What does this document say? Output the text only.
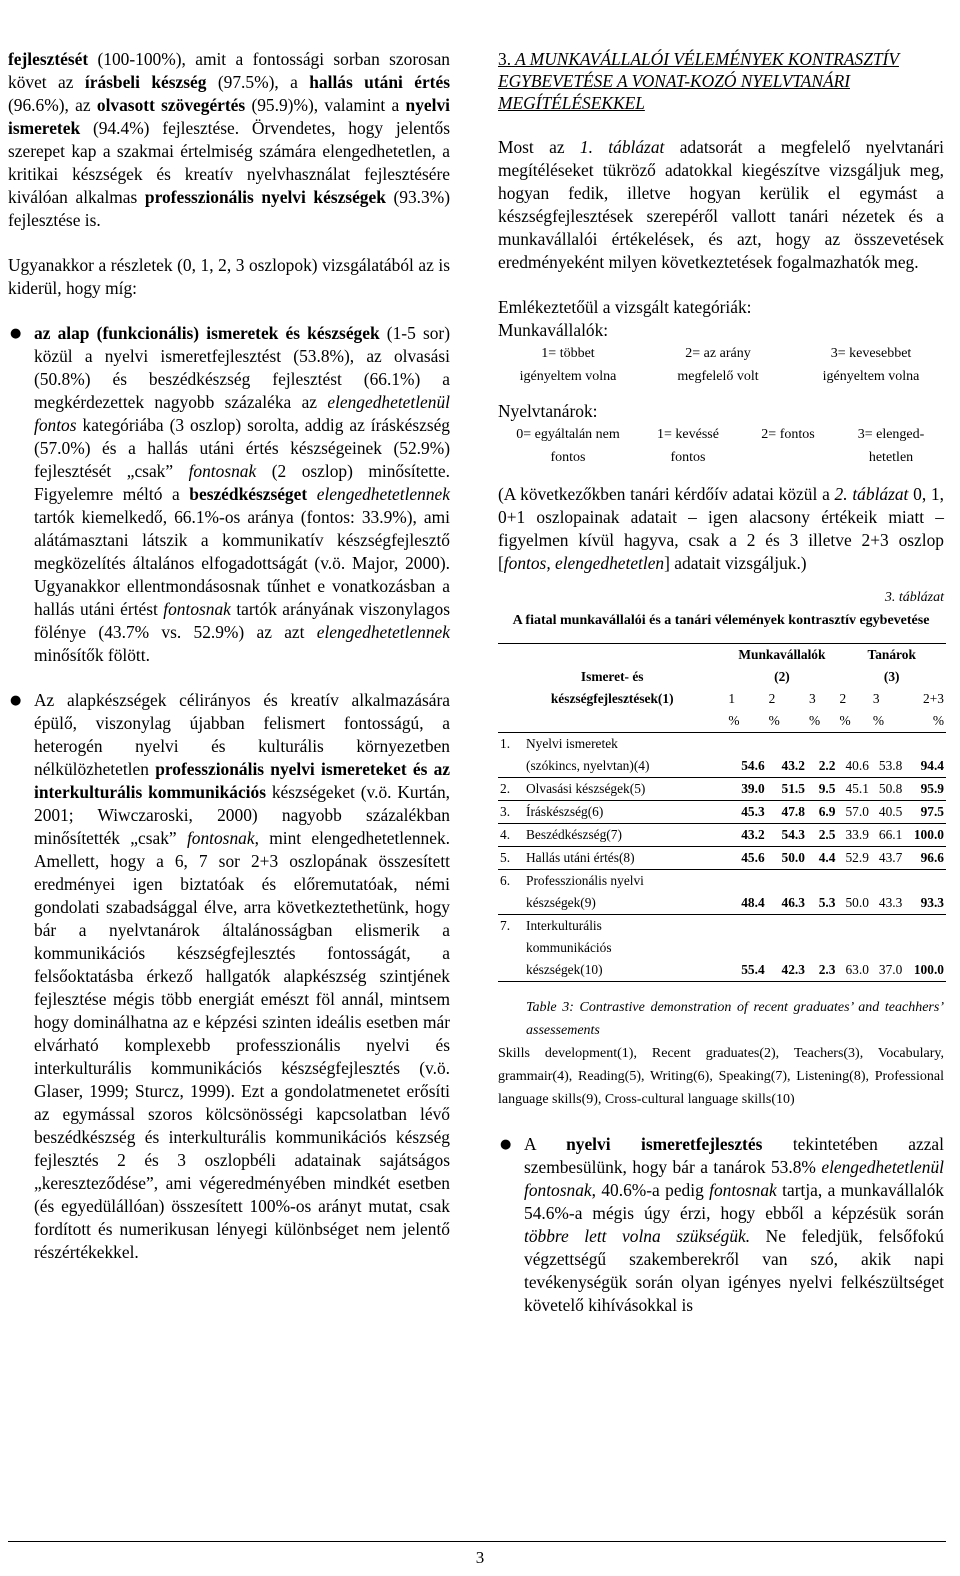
fejlesztését (100-100%), amit a fontossági sorban szorosan követ az írásbeli készség (97.5%), a hallás utáni értés (96.6%), az olvasott szövegértés (95.9)%), valamint a nyelvi ismeretek (94.4%) fejlesztése. Örvendetes, hogy jelentős szerepet kap a szakmai értelmiség számára elengedhetetlen, a kritikai készségek és kreatív nyelvhasználat fejlesztésére kiválóan alkalmas professzionális nyelvi készségek (93.3%) fejlesztése is.

Ugyanakkor a részletek (0, 1, 2, 3 oszlopok) vizsgálatából az is kiderül, hogy míg:

● az alap (funkcionális) ismeretek és készségek (1-5 sor) közül a nyelvi ismeretfejlesztést (53.8%), az olvasási (50.8%) és beszédkészség fejlesztést (66.1%) a megkérdezettek nagyobb százaléka az elengedhetetlenül fontos kategóriába (3 oszlop) sorolta, addig az íráskészség (57.0%) és a hallás utáni értés készségeinek (52.9%) fejlesztését „csak” fontosnak (2 oszlop) minősítette. Figyelemre méltó a beszédkészséget elengedhetetlennek tartók kiemelkedő, 66.1%-os aránya (fontos: 33.9%), ami alátámasztani látszik a kommunikatív készségfejlesztő megközelítés általános elfogadottságát (v.ö. Major, 2000). Ugyanakkor ellentmondásosnak tűnhet e vonatkozásban a hallás utáni értést fontosnak tartók arányának viszonylagos fölénye (43.7% vs. 52.9%) az azt elengedhetetlennek minősítők fölött.
● Az alapkészségek célirányos és kreatív alkalmazására épülő, viszonylag újabban felismert fontosságú, a heterogén nyelvi és kulturális környezetben nélkülözhetetlen professzionális nyelvi ismereteket és az interkulturális kommunikációs készségeket (v.ö. Kurtán, 2001; Wiwczaroski, 2000) nagyobb százalékban minősítették „csak” fontosnak, mint elengedhetetlennek. Amellett, hogy a 6, 7 sor 2+3 oszlopának összesített eredményei igen biztatóak és előremutatóak, némi gondolati szabadsággal élve, arra következtethetünk, hogy bár a nyelvtanárok általánosságban elismerik a kommunikációs készségfejlesztés fontosságát, a felsőoktatásba érkező hallgatók alapkészség szintjének fejlesztése mégis több energiát emészt föl annál, mintsem hogy dominálhatna az e képzési szinten ideális esetben már elvárható komplexebb professzionális nyelvi és interkulturális kommunikációs készségfejlesztés (v.ö. Glaser, 1999; Sturcz, 1999). Ezt a gondolatmenetet erősíti az egymással szoros kölcsönösségi kapcsolatban lévő beszédkészség és interkulturális kommunikációs készség fejlesztés 2 és 3 oszlopbéli adatainak sajátságos „kereszteződése”, ami végeredményében mindkét esetben (és egyedülállóan) összesített 100%-os arányt mutat, csak fordított és numerikusan lényegi különbséget nem jelentő részértékekkel.

3. A MUNKAVÁLLALÓI VÉLEMÉNYEK KONTRASZTÍV EGYBEVETÉSE A VONAT-KOZÓ NYELVTANÁRI MEGÍTÉLÉSEKKEL

Most az 1. táblázat adatsorát a megfelelő nyelvtanári megítéléseket tükröző adatokkal kiegészítve vizsgáljuk meg, hogyan fedik, illetve hogyan kerülik el egymást a készségfejlesztések szerepéről vallott tanári nézetek és a munkavállalói értékelések, és azt, hogy az összevetések eredményeként milyen következtetések fogalmazhatók meg.

Emlékeztetőül a vizsgált kategóriák:
Munkavállalók:
1= többet
igényeltem volna
2= az arány
megfelelő volt
3= kevesebbet
igényeltem volna
Nyelvtanárok:
0= egyáltalán nem
fontos
1= kevéssé
fontos
2= fontos	3= elenged-
hetetlen

(A következőkben tanári kérdőív adatai közül a 2. táblázat 0, 1, 0+1 oszlopainak adatait – igen alacsony értékeik miatt – figyelmen kívül hagyva, csak a 2 és 3 illetve 2+3 oszlop [fontos, elengedhetetlen] adatait vizsgáljuk.)

3. táblázat
A fiatal munkavállalói és a tanári vélemények kontrasztív egybevetése
Ismeret- és		Munkavállalók			Tanárok		
		(2)			(3)		
készségfejlesztések(1)		1	2	3	2	3	2+3
		%	%	%	%	%	%
1.	Nyelvi ismeretek
(szókincs, nyelvtan)(4)	54.6	43.2	2.2	40.6	53.8	94.4
2.	Olvasási készségek(5)	39.0	51.5	9.5	45.1	50.8	95.9
3.	Íráskészség(6)	45.3	47.8	6.9	57.0	40.5	97.5
4.	Beszédkészség(7)	43.2	54.3	2.5	33.9	66.1	100.0
5.	Hallás utáni értés(8)	45.6	50.0	4.4	52.9	43.7	96.6
6.	Professzionális nyelvi
készségek(9)	48.4	46.3	5.3	50.0	43.3	93.3
7.	Interkulturális
kommunikációs
készségek(10)	55.4	42.3	2.3	63.0	37.0	100.0
Table 3: Contrastive demonstration of recent graduates’ and teachhers’ assessements
Skills development(1), Recent graduates(2), Teachers(3), Vocabulary, grammair(4), Reading(5), Writing(6), Speaking(7), Listening(8), Professional language skills(9), Cross-cultural language skills(10)
● A nyelvi ismeretfejlesztés tekintetében azzal szembesülünk, hogy bár a tanárok 53.8% elengedhetetlenül fontosnak, 40.6%-a pedig fontosnak tartja, a munkavállalók 54.6%-a mégis úgy érzi, hogy ebből a képzésük során többre lett volna szükségük. Ne feledjük, felsőfokú végzettségű szakemberekről van szó, akik napi tevékenységük során olyan igényes nyelvi felkészültséget követelő kihívásokkal is
3
